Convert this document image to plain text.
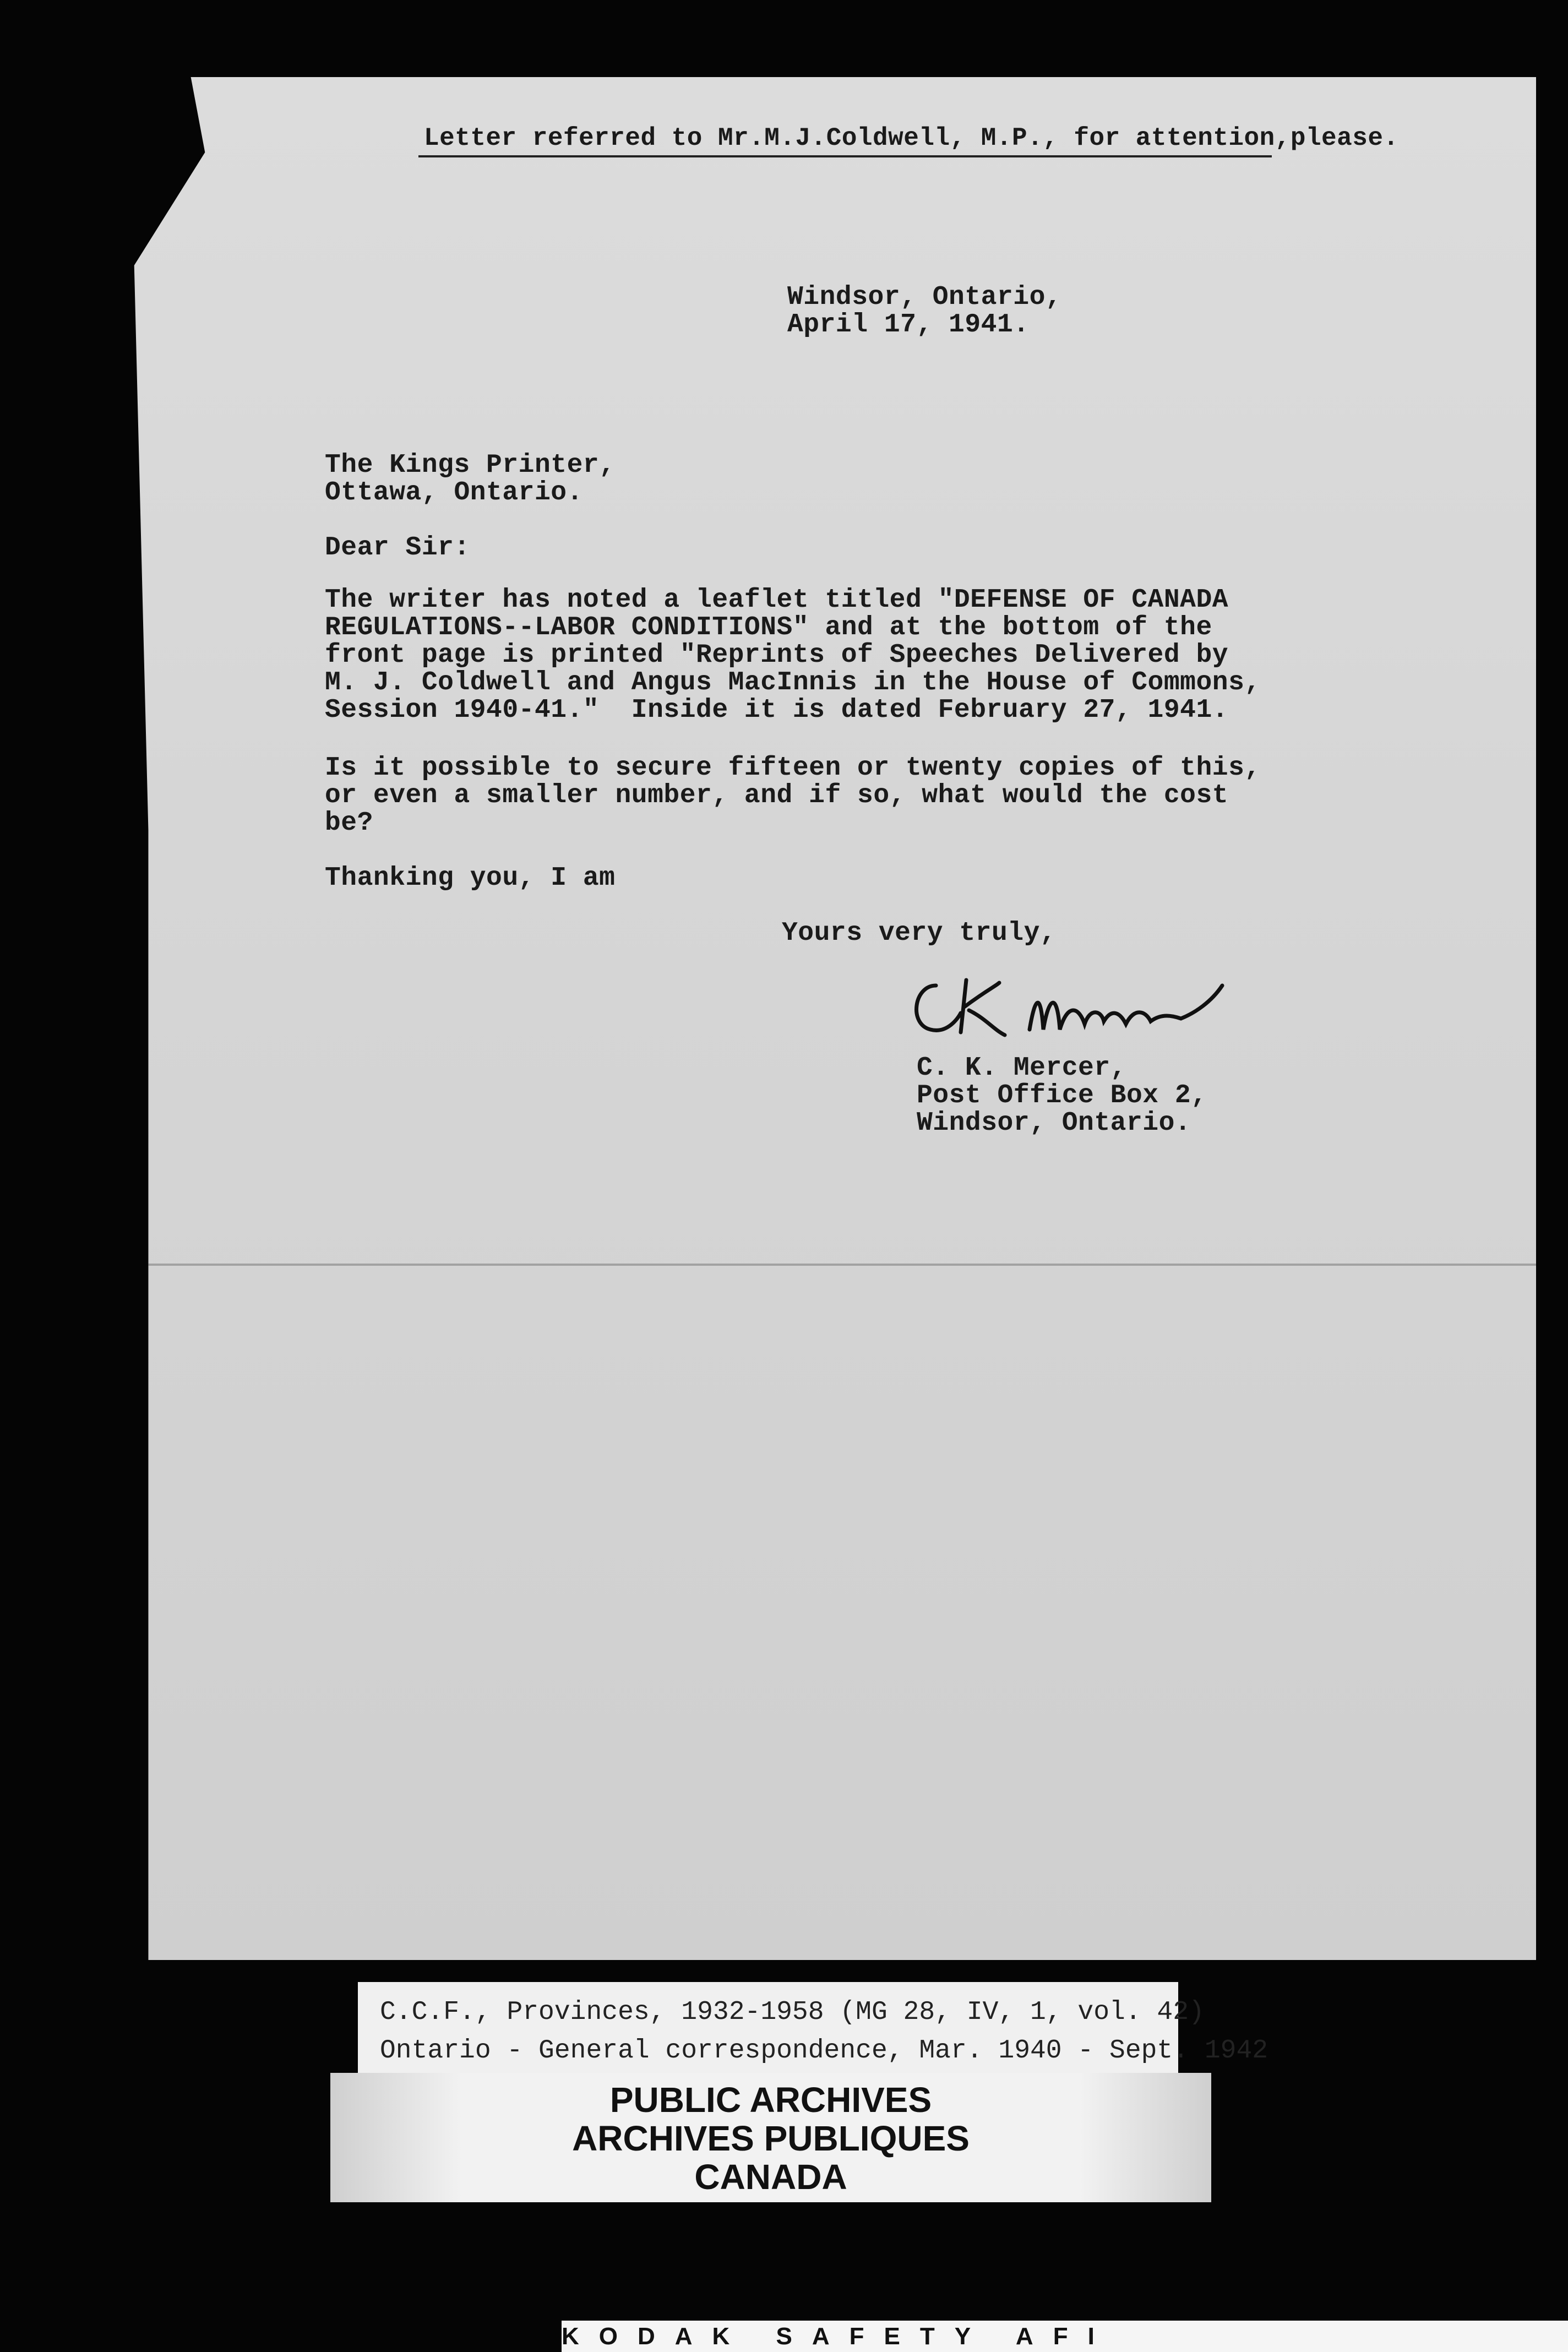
Letter referred to Mr.M.J.Coldwell, M.P., for attention,please.
Windsor, Ontario,
April 17, 1941.
The Kings Printer,
Ottawa, Ontario.
Dear Sir:
The writer has noted a leaflet titled "DEFENSE OF CANADA
REGULATIONS--LABOR CONDITIONS" and at the bottom of the
front page is printed "Reprints of Speeches Delivered by
M. J. Coldwell and Angus MacInnis in the House of Commons,
Session 1940-41."  Inside it is dated February 27, 1941.
Is it possible to secure fifteen or twenty copies of this,
or even a smaller number, and if so, what would the cost
be?
Thanking you, I am
Yours very truly,
C. K. Mercer,
Post Office Box 2,
Windsor, Ontario.
C.C.F., Provinces, 1932-1958 (MG 28, IV, 1, vol. 42)
Ontario - General correspondence, Mar. 1940 - Sept. 1942
PUBLIC ARCHIVES
ARCHIVES PUBLIQUES
CANADA
KODAK SAFETY AFI
